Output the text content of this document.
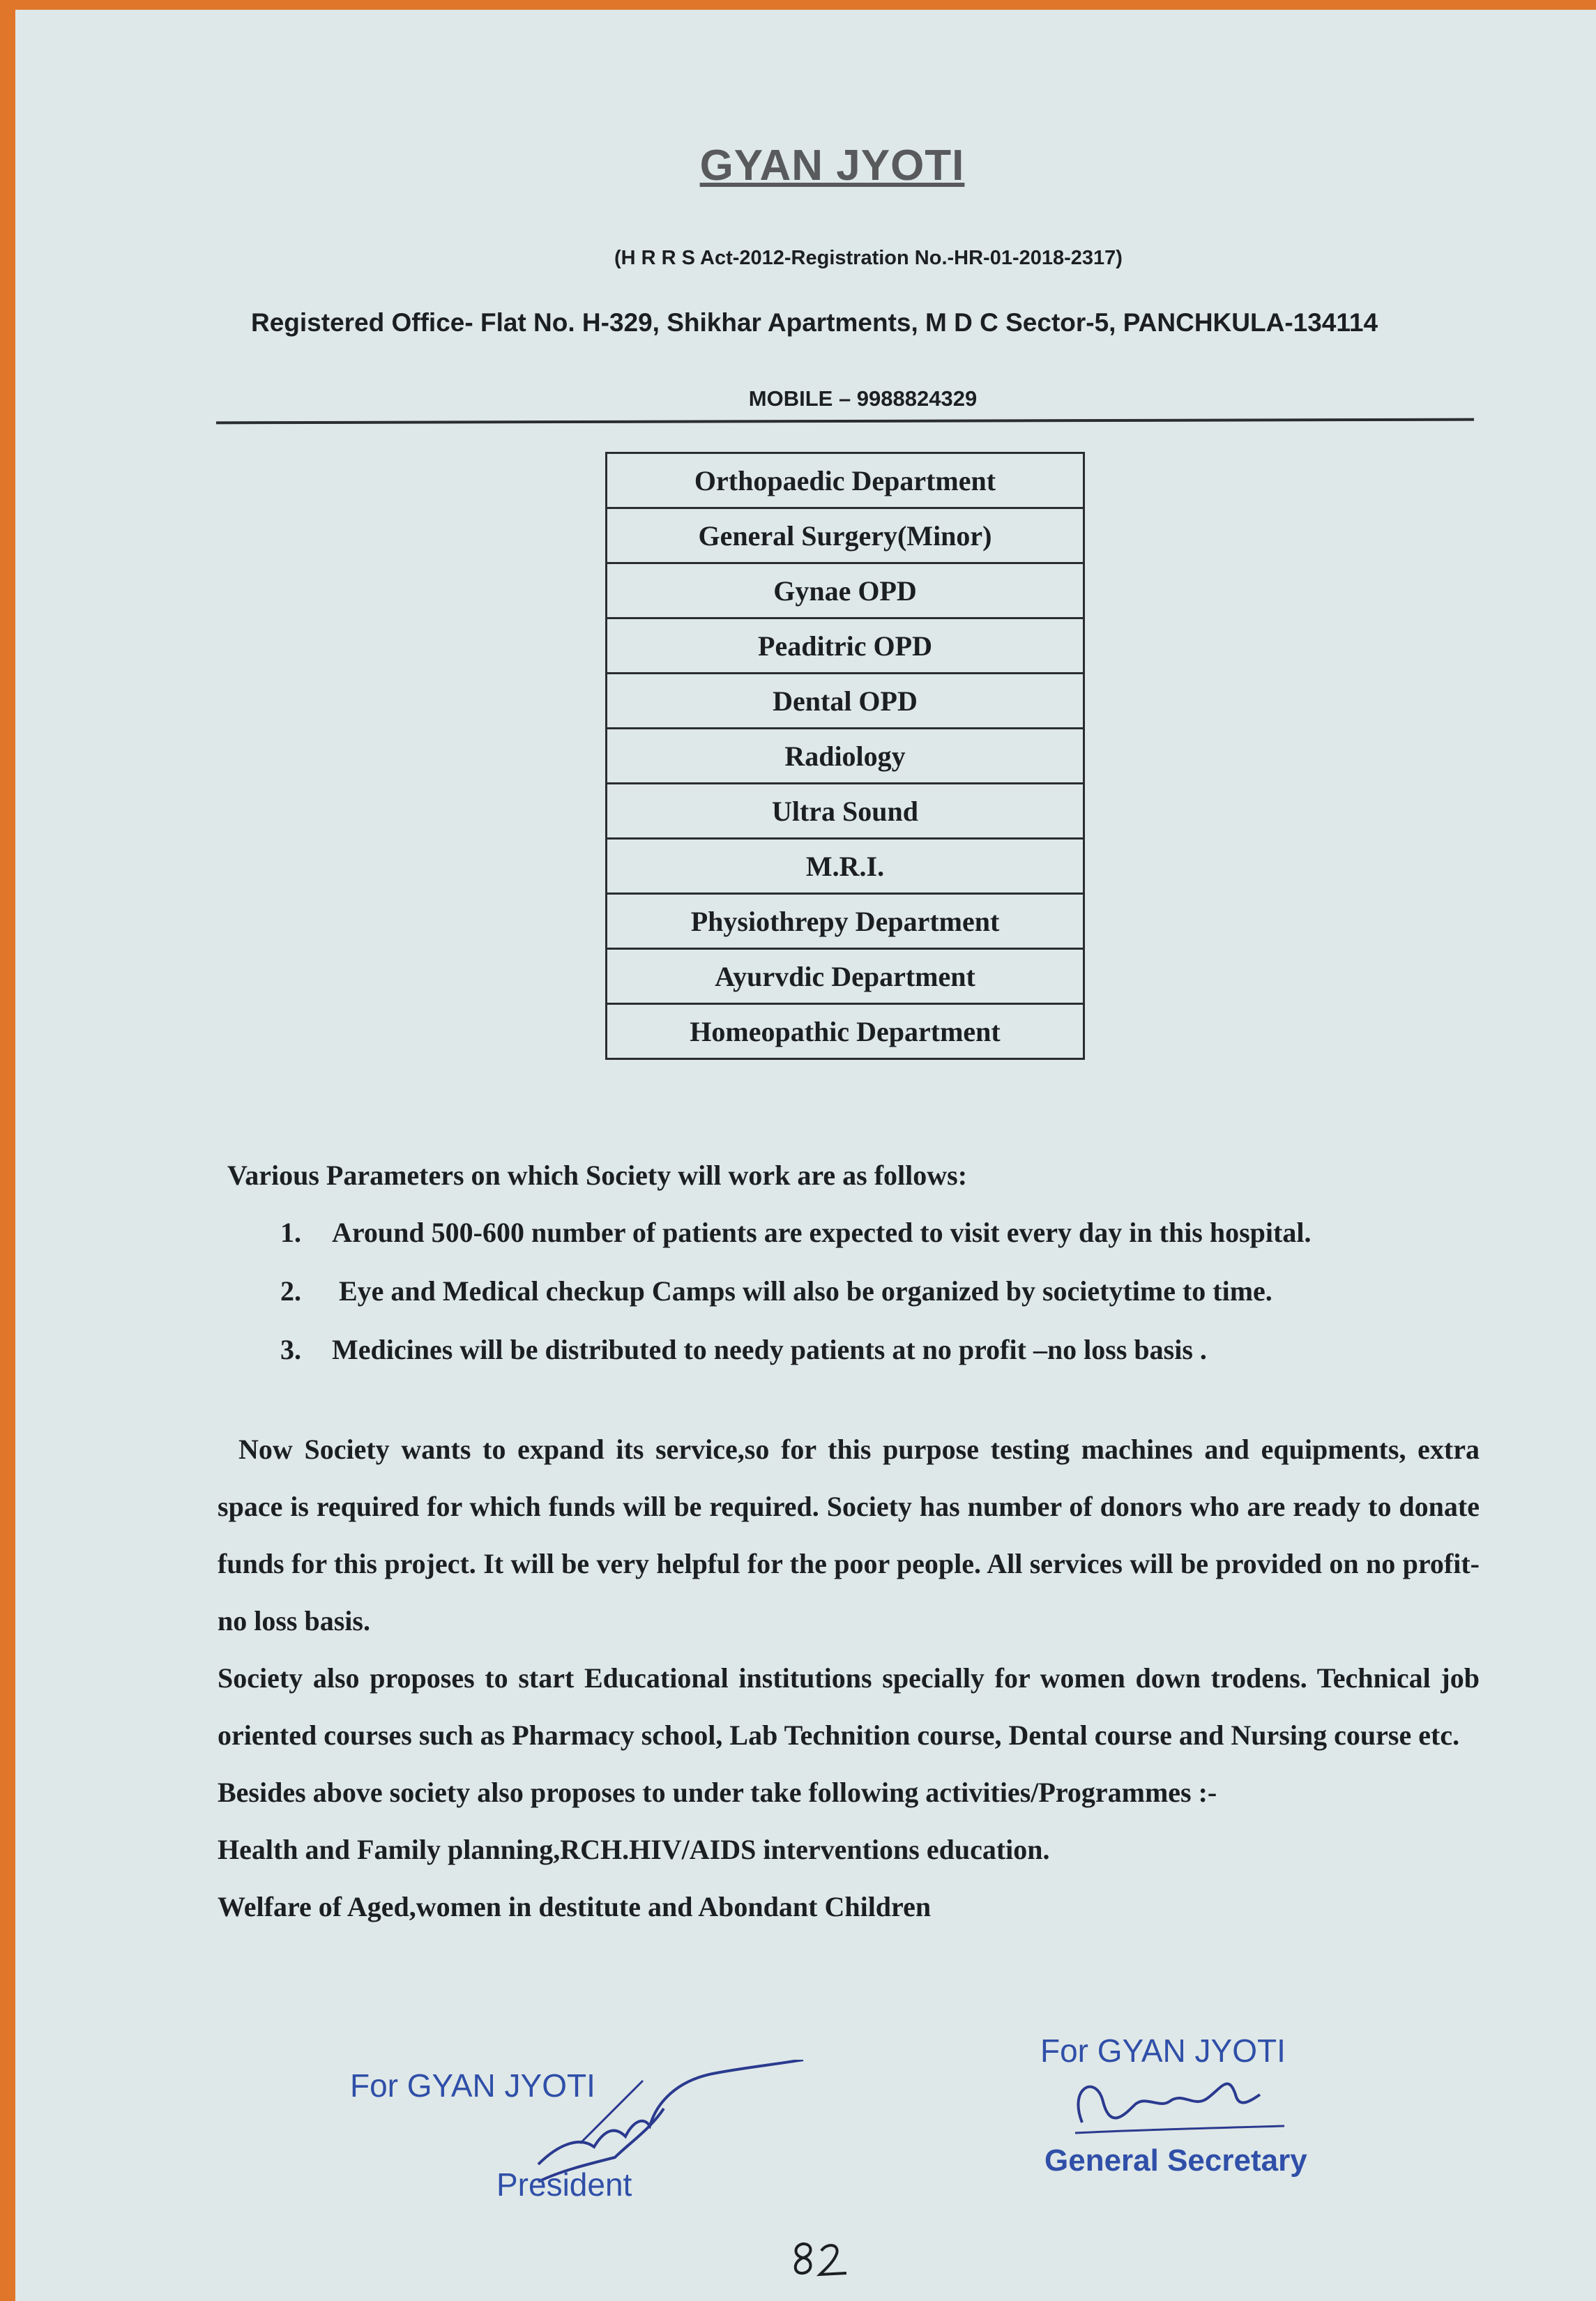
GYAN JYOTI
(H R R S Act-2012-Registration No.-HR-01-2018-2317)
Registered Office- Flat No. H-329, Shikhar Apartments, M D C Sector-5, PANCHKULA-134114
MOBILE – 9988824329
Orthopaedic Department
General Surgery(Minor)
Gynae OPD
Peaditric OPD
Dental OPD
Radiology
Ultra Sound
M.R.I.
Physiothrepy Department
Ayurvdic Department
Homeopathic Department
Various Parameters on which Society will work are as follows:
1. Around 500-600 number of patients are expected to visit every day in this hospital.
2. Eye and Medical checkup Camps will also be organized by societytime to time.
3. Medicines will be distributed to needy patients at no profit –no loss basis .

Now Society wants to expand its service,so for this purpose testing machines and equipments, extra space is required for which funds will be required. Society has number of donors who are ready to donate funds for this project. It will be very helpful for the poor people. All services will be provided on no profit-no loss basis.

Society also proposes to start Educational institutions specially for women down trodens. Technical job oriented courses such as Pharmacy school, Lab Technition course, Dental course and Nursing course etc.

Besides above society also proposes to under take following activities/Programmes :-

Health and Family planning,RCH.HIV/AIDS interventions education.

Welfare of Aged,women in destitute and Abondant Children

For GYAN JYOTI
President
For GYAN JYOTI
General Secretary
